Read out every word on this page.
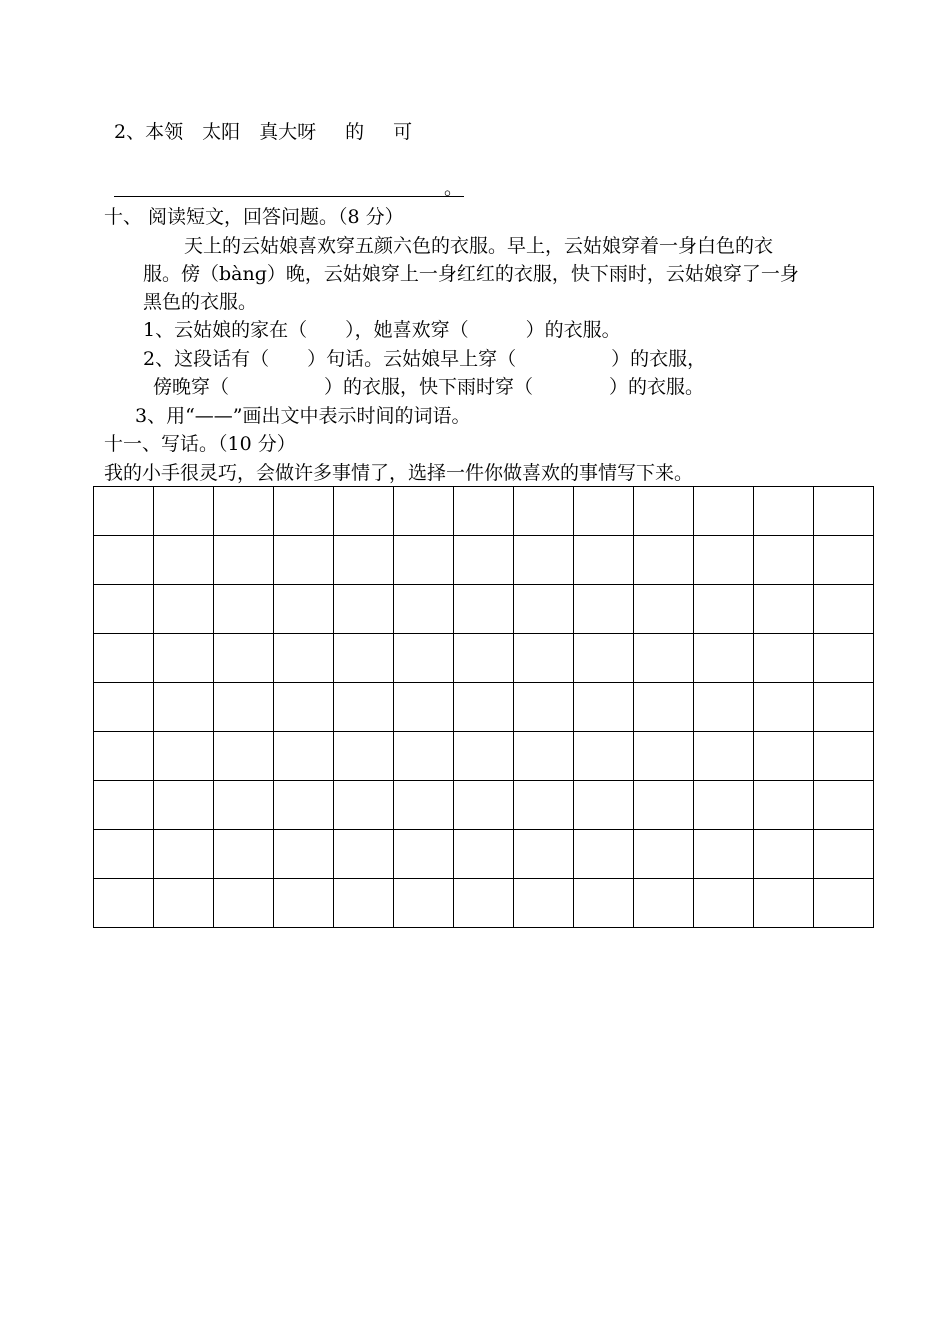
2、本领　太阳　真大呀　 的　 可
。
十、 阅读短文，回答问题。（8 分）
天上的云姑娘喜欢穿五颜六色的衣服。早上，云姑娘穿着一身白色的衣
服。傍（bànɡ）晚，云姑娘穿上一身红红的衣服，快下雨时，云姑娘穿了一身
黑色的衣服。
1、云姑娘的家在（　　），她喜欢穿（　　　）的衣服。
2、这段话有（　　）句话。云姑娘早上穿（　　　　　）的衣服，
傍晚穿（　　　　　）的衣服，快下雨时穿（　　　　）的衣服。
3、用“——”画出文中表示时间的词语。
十一、写话。（10 分）
我的小手很灵巧，会做许多事情了，选择一件你做喜欢的事情写下来。
